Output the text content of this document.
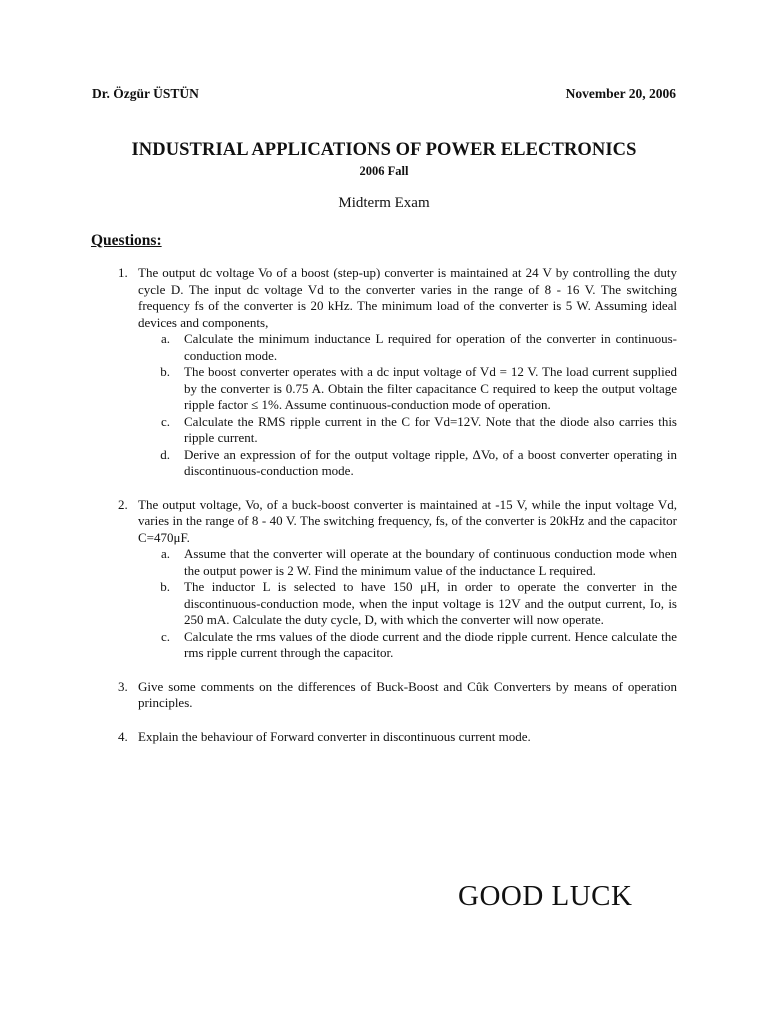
Dr. Özgür ÜSTÜN	November 20, 2006
INDUSTRIAL APPLICATIONS OF POWER ELECTRONICS
2006 Fall
Midterm Exam
Questions:
1. The output dc voltage Vo of a boost (step-up) converter is maintained at 24 V by controlling the duty cycle D. The input dc voltage Vd to the converter varies in the range of 8 - 16 V. The switching frequency fs of the converter is 20 kHz. The minimum load of the converter is 5 W. Assuming ideal devices and components,
a.	Calculate the minimum inductance L required for operation of the converter in continuous-conduction mode.
b.	The boost converter operates with a dc input voltage of Vd = 12 V. The load current supplied by the converter is 0.75 A. Obtain the filter capacitance C required to keep the output voltage ripple factor ≤ 1%. Assume continuous-conduction mode of operation.
c.	Calculate the RMS ripple current in the C for Vd=12V. Note that the diode also carries this ripple current.
d.	Derive an expression of for the output voltage ripple, ΔVo, of a boost converter operating in discontinuous-conduction mode.
2. The output voltage, Vo, of a buck-boost converter is maintained at -15 V, while the input voltage Vd, varies in the range of 8 - 40 V. The switching frequency, fs, of the converter is 20kHz and the capacitor C=470μF.
a.	Assume that the converter will operate at the boundary of continuous conduction mode when the output power is 2 W. Find the minimum value of the inductance L required.
b.	The inductor L is selected to have 150 μH, in order to operate the converter in the discontinuous-conduction mode, when the input voltage is 12V and the output current, Io, is 250 mA. Calculate the duty cycle, D, with which the converter will now operate.
c.	Calculate the rms values of the diode current and the diode ripple current. Hence calculate the rms ripple current through the capacitor.
3. Give some comments on the differences of Buck-Boost and Cûk Converters by means of operation principles.
4. Explain the behaviour of Forward converter in discontinuous current mode.
GOOD LUCK
